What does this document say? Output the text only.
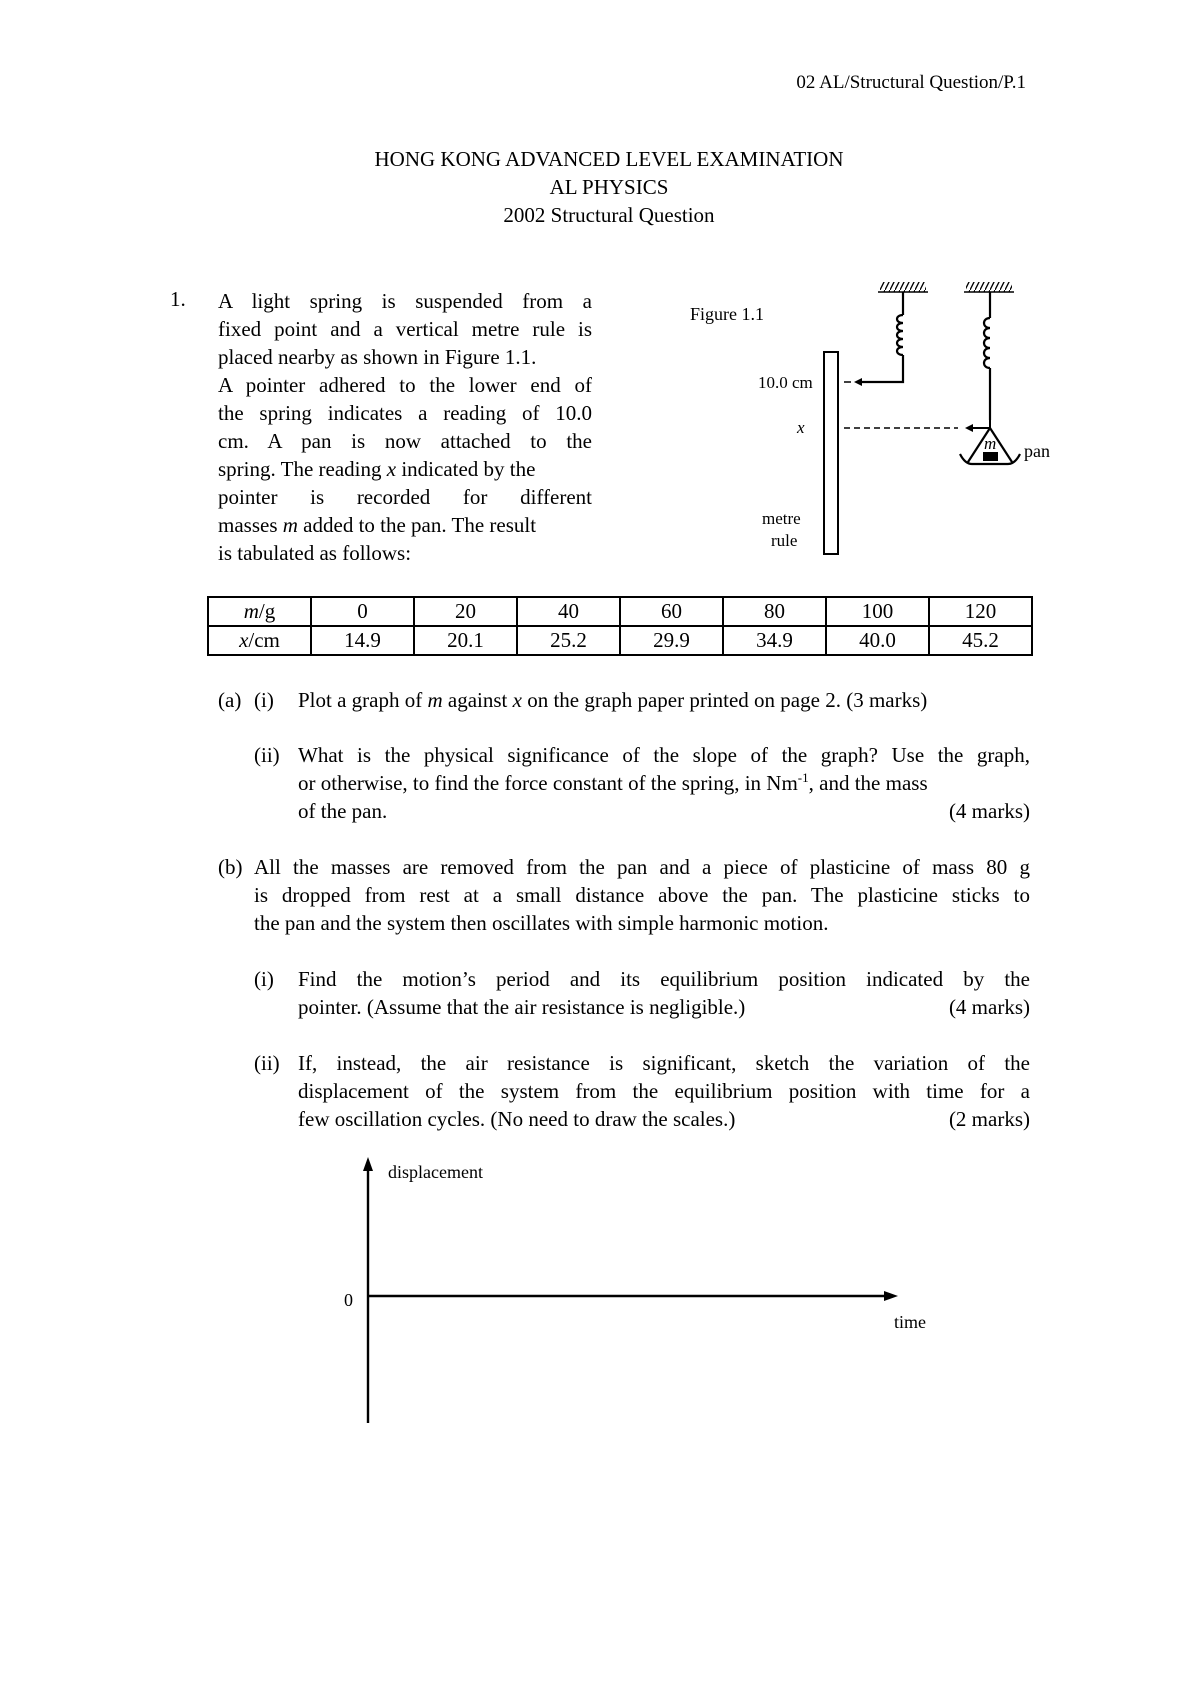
02 AL/Structural Question/P.1
HONG KONG ADVANCED LEVEL EXAMINATION
AL PHYSICS
2002 Structural Question
1. A light spring is suspended from a
fixed point and a vertical metre rule is
placed nearby as shown in Figure 1.1.
A pointer adhered to the lower end of
the spring indicates a reading of 10.0
cm. A pan is now attached to the
spring. The reading x indicated by the
pointer is recorded for different
masses m added to the pan. The result
is tabulated as follows:
m pan
Figure 1.1
10.0 cm
x
metre
rule
m/g	0	20	40	60	80	100	120
x/cm	14.9	20.1	25.2	29.9	34.9	40.0	45.2
(a) (i) Plot a graph of m against x on the graph paper printed on page 2. (3 marks)
(ii) What is the physical significance of the slope of the graph? Use the graph,
or otherwise, to find the force constant of the spring, in $Nm^{-1}$, and the mass
of the pan.	(4 marks)
(b) All the masses are removed from the pan and a piece of plasticine of mass 80 g
is dropped from rest at a small distance above the pan. The plasticine sticks to
the pan and the system then oscillates with simple harmonic motion.
(i) Find the motion’s period and its equilibrium position indicated by the
pointer. (Assume that the air resistance is negligible.)	(4 marks)
(ii) If, instead, the air resistance is significant, sketch the variation of the
displacement of the system from the equilibrium position with time for a
few oscillation cycles. (No need to draw the scales.)	(2 marks)
displacement
0
time
